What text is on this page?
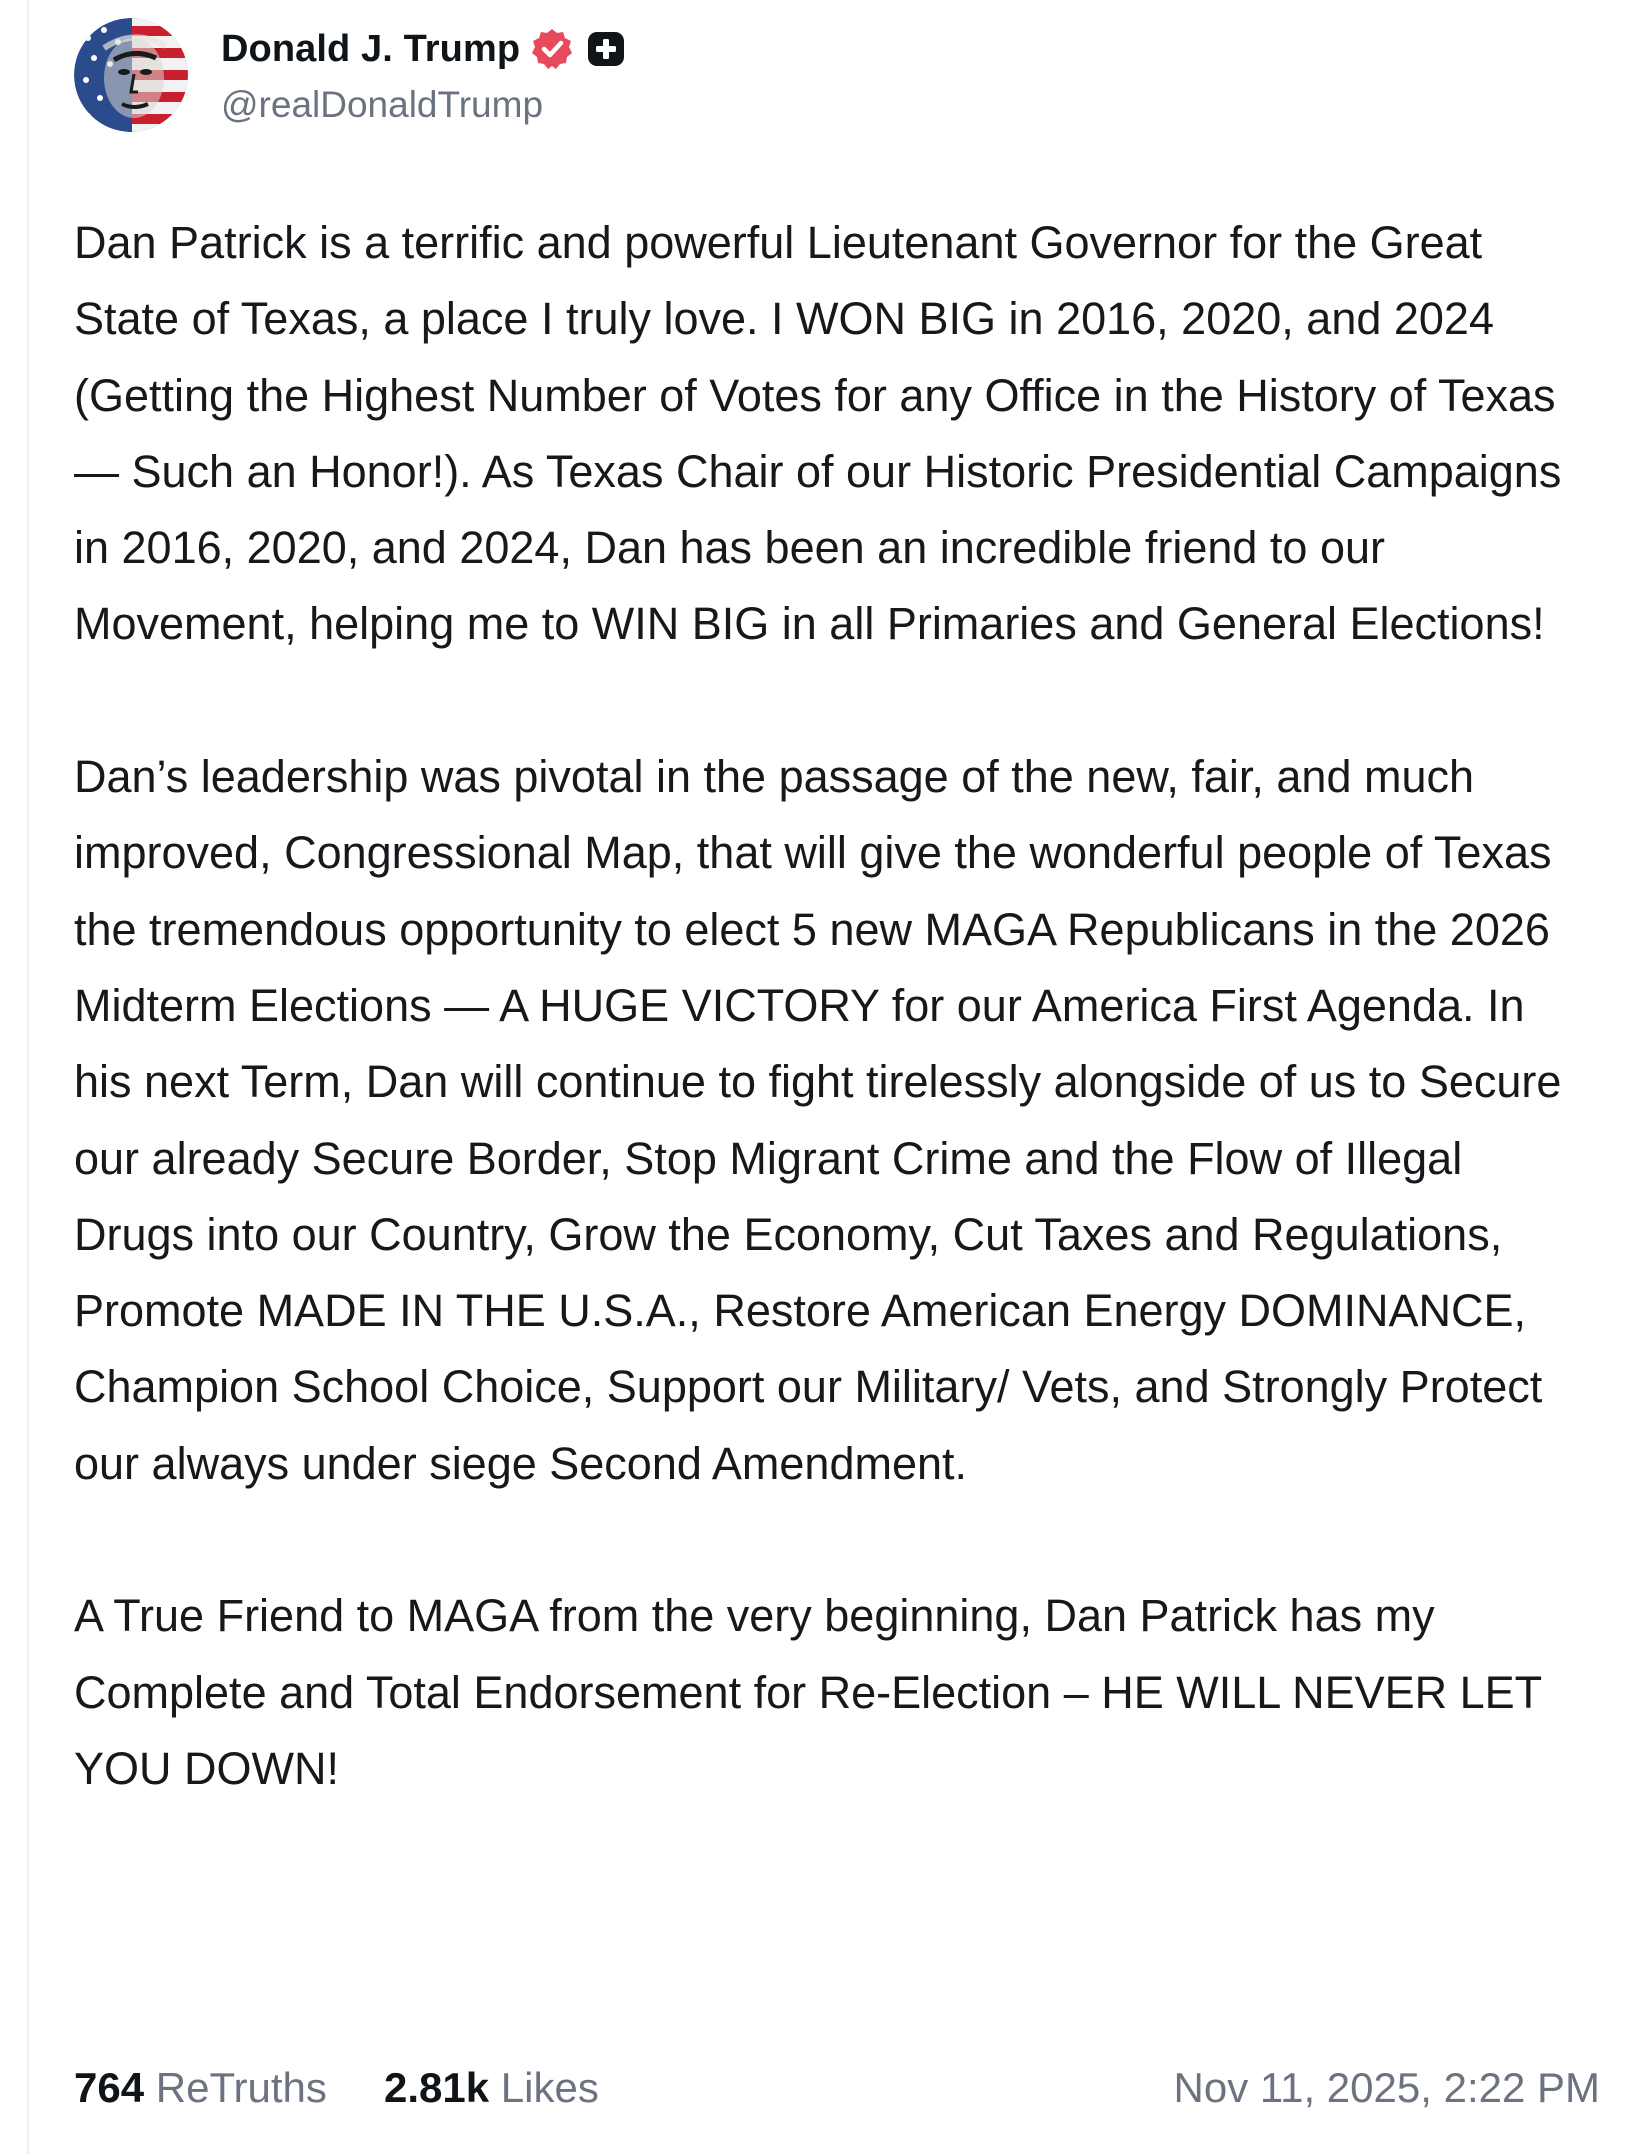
Donald J. Trump
@realDonaldTrump

Dan Patrick is a terrific and powerful Lieutenant Governor for the Great State of Texas, a place I truly love. I WON BIG in 2016, 2020, and 2024 (Getting the Highest Number of Votes for any Office in the History of Texas — Such an Honor!). As Texas Chair of our Historic Presidential Campaigns in 2016, 2020, and 2024, Dan has been an incredible friend to our Movement, helping me to WIN BIG in all Primaries and General Elections!

Dan’s leadership was pivotal in the passage of the new, fair, and much improved, Congressional Map, that will give the wonderful people of Texas the tremendous opportunity to elect 5 new MAGA Republicans in the 2026 Midterm Elections — A HUGE VICTORY for our America First Agenda. In his next Term, Dan will continue to fight tirelessly alongside of us to Secure our already Secure Border, Stop Migrant Crime and the Flow of Illegal Drugs into our Country, Grow the Economy, Cut Taxes and Regulations, Promote MADE IN THE U.S.A., Restore American Energy DOMINANCE, Champion School Choice, Support our Military/ Vets, and Strongly Protect our always under siege Second Amendment.

A True Friend to MAGA from the very beginning, Dan Patrick has my Complete and Total Endorsement for Re-Election – HE WILL NEVER LET YOU DOWN!

764 ReTruths 2.81k Likes	Nov 11, 2025, 2:22 PM
